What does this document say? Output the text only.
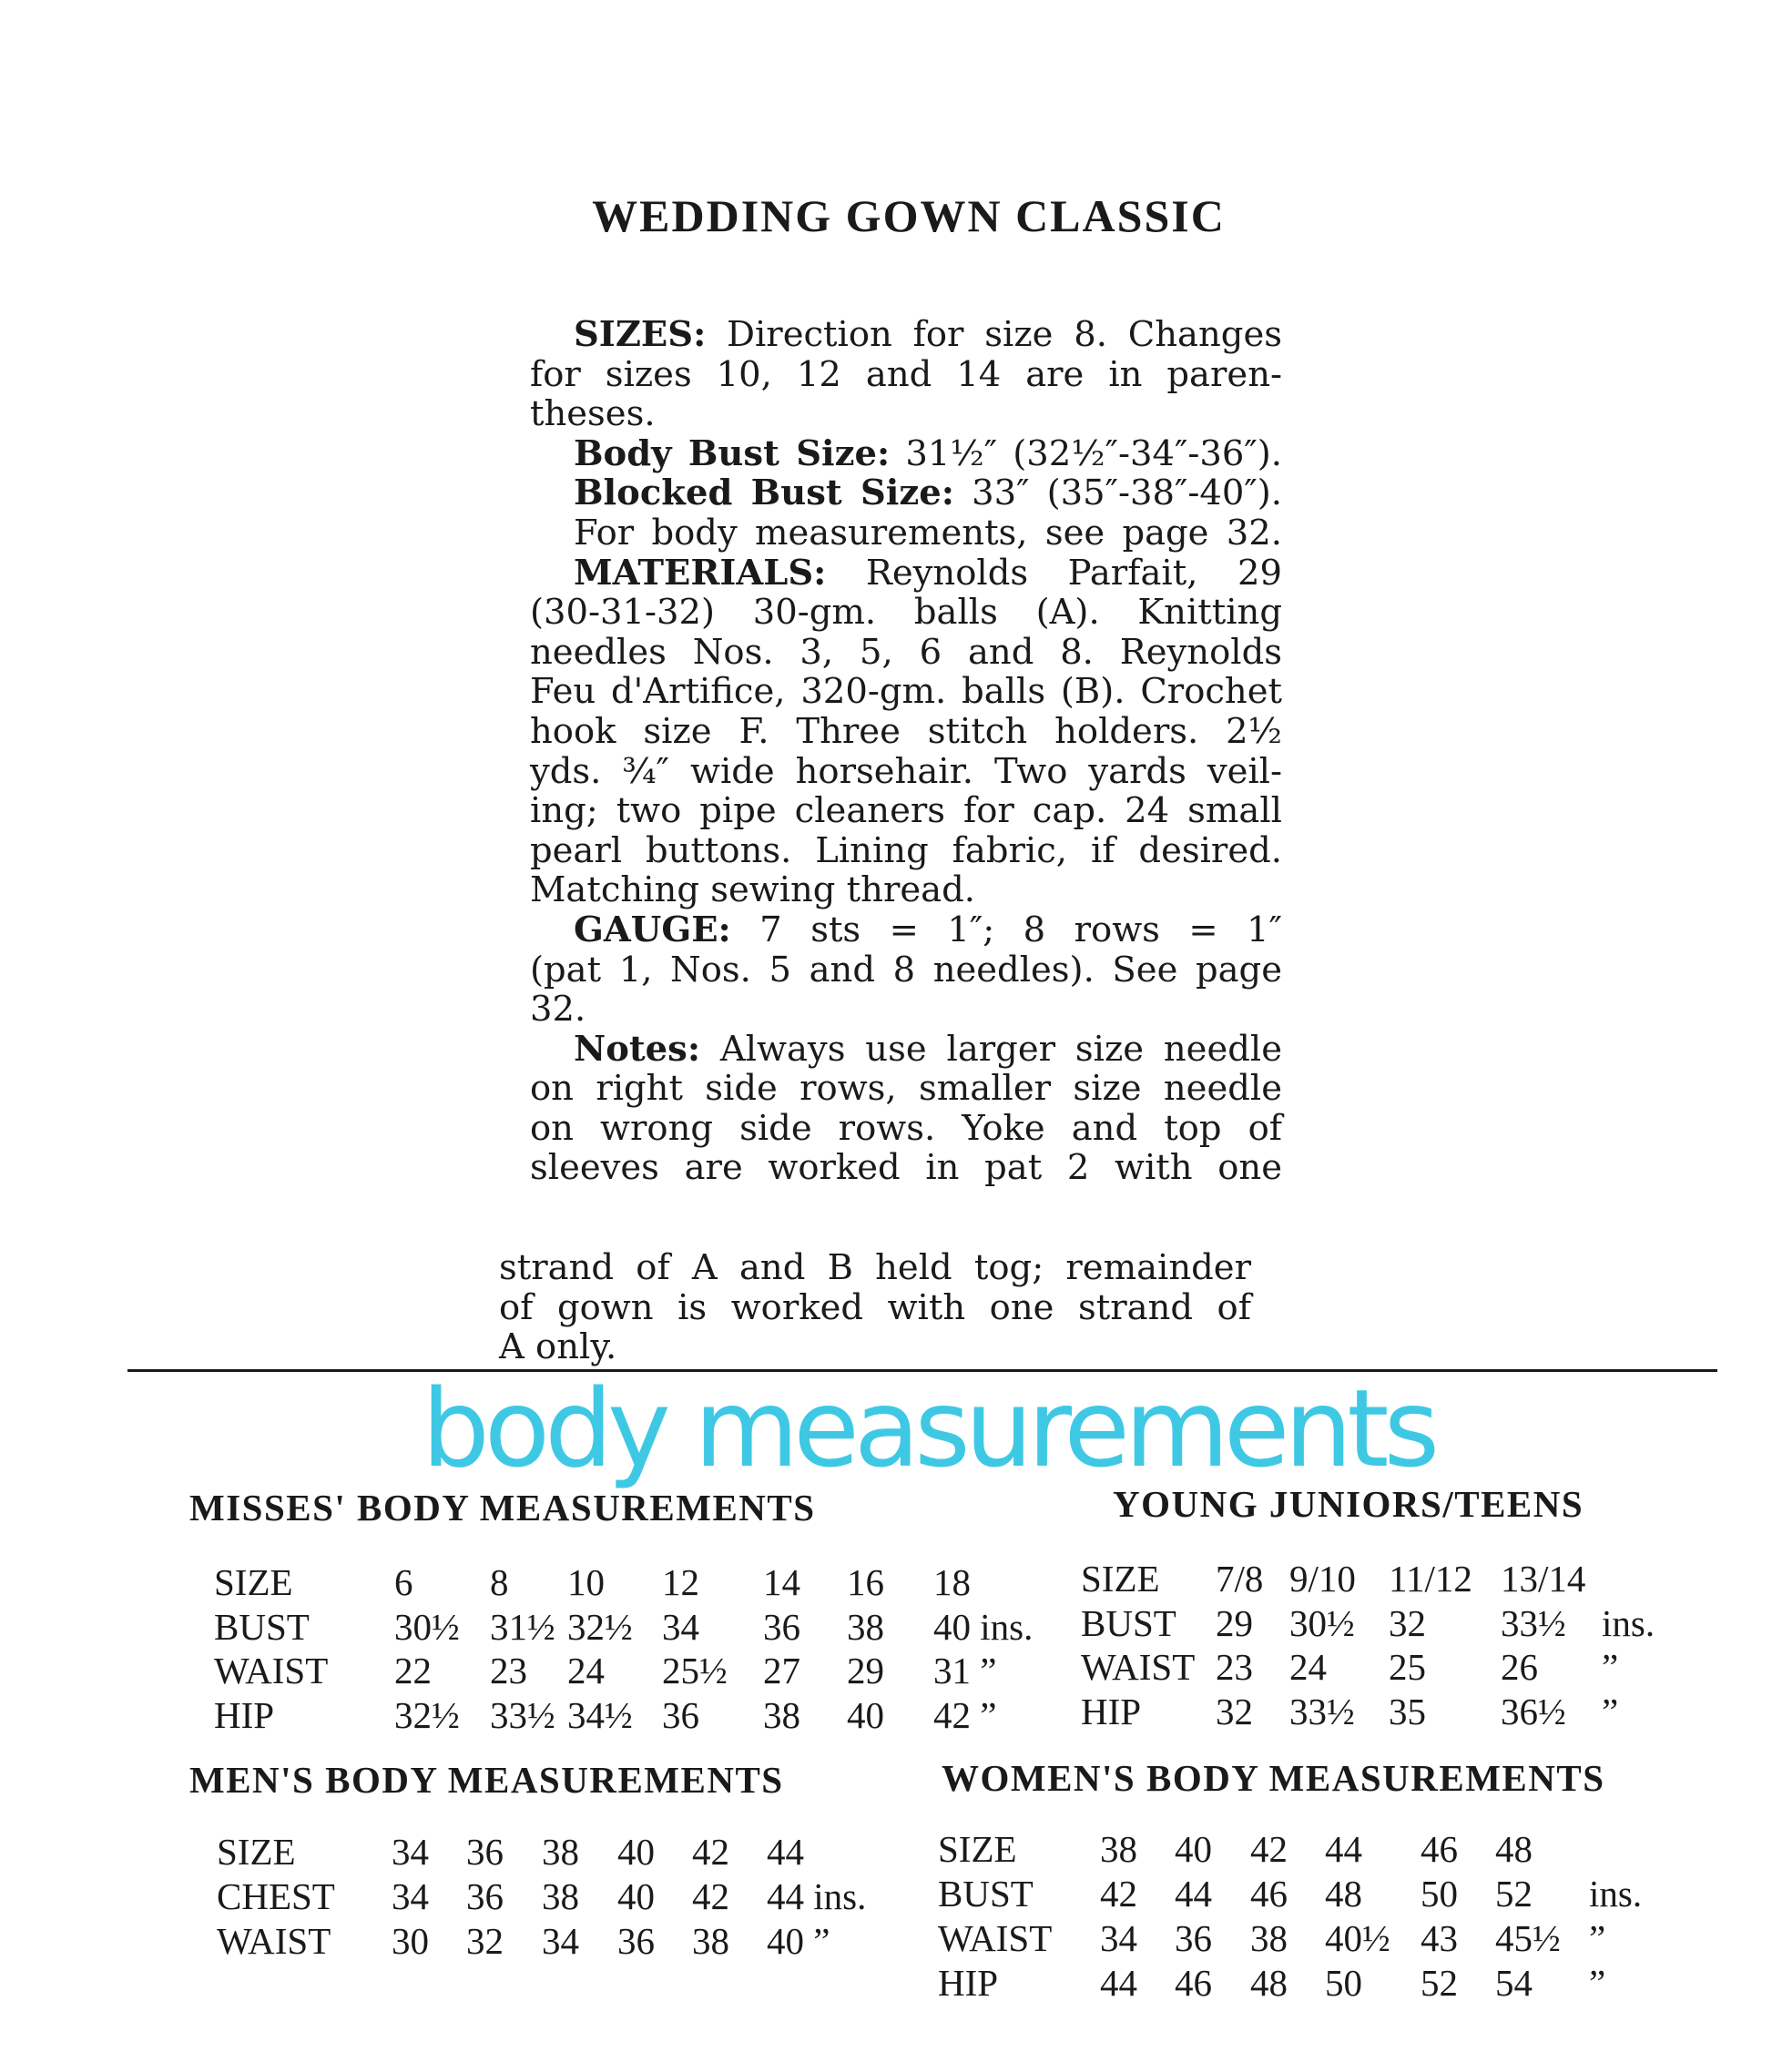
WEDDING GOWN CLASSIC
SIZES: Direction for size 8. Changes
for sizes 10, 12 and 14 are in paren-
theses.
Body Bust Size: 31½″ (32½″-34″-36″).
Blocked Bust Size: 33″ (35″-38″-40″).
For body measurements, see page 32.
MATERIALS: Reynolds Parfait, 29
(30-31-32) 30-gm. balls (A). Knitting
needles Nos. 3, 5, 6 and 8. Reynolds
Feu d'Artifice, 320-gm. balls (B). Crochet
hook size F. Three stitch holders. 2½
yds. ¾″ wide horsehair. Two yards veil-
ing; two pipe cleaners for cap. 24 small
pearl buttons. Lining fabric, if desired.
Matching sewing thread.
GAUGE: 7 sts = 1″; 8 rows = 1″
(pat 1, Nos. 5 and 8 needles). See page
32.
Notes: Always use larger size needle
on right side rows, smaller size needle
on wrong side rows. Yoke and top of
sleeves are worked in pat 2 with one
strand of A and B held tog; remainder
of gown is worked with one strand of
A only.
body measurements
MISSES' BODY MEASUREMENTS	YOUNG JUNIORS/TEENS
MEN'S BODY MEASUREMENTS	WOMEN'S BODY MEASUREMENTS
SIZE	6 8 10 12 14 16 18
BUST 30½ 31½ 32½ 34 36 38 40 ins.
WAIST 22 23 24 25½ 27 29 31 ”
HIP	32½ 33½ 34½ 36 38 40 42 ”
SIZE 7/8 9/10 11/12 13/14
BUST 29 30½ 32 33½ ins.
WAIST 23 24 25 26 ”
HIP 32 33½ 35 36½ ”
SIZE	34 36 38 40 42 44
CHEST 34 36 38 40 42 44 ins.
WAIST 30 32 34 36 38 40 ”
SIZE 38 40 42 44 46 48
BUST 42 44 46 48 50 52 ins.
WAIST 34 36 38 40½ 43 45½ ”
HIP	44 46 48 50 52 54 ”
